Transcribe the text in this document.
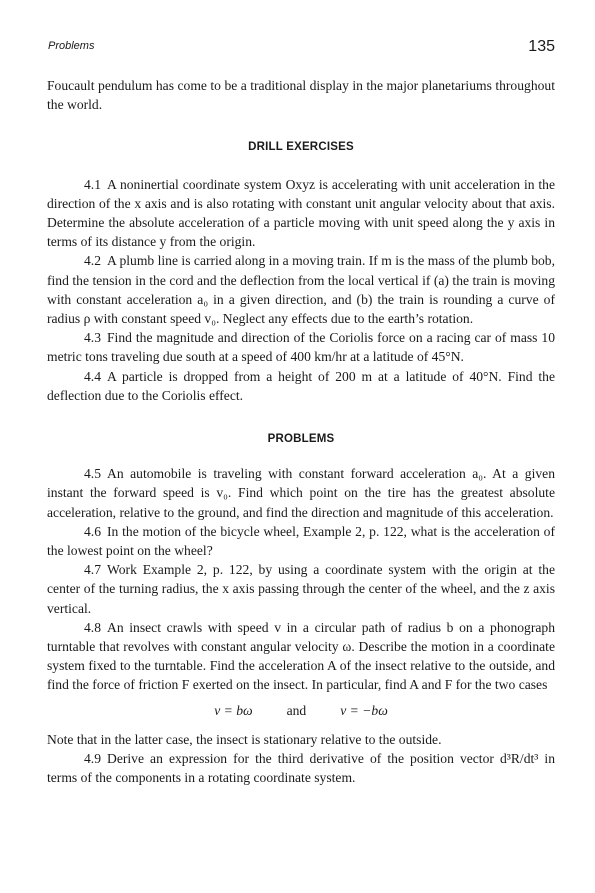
Problems	135

Foucault pendulum has come to be a traditional display in the major planetariums throughout the world.

DRILL EXERCISES

4.1 A noninertial coordinate system Oxyz is accelerating with unit acceleration in the direction of the x axis and is also rotating with constant unit angular velocity about that axis. Determine the absolute acceleration of a particle moving with unit speed along the y axis in terms of its distance y from the origin.

4.2 A plumb line is carried along in a moving train. If m is the mass of the plumb bob, find the tension in the cord and the deflection from the local vertical if (a) the train is moving with constant acceleration a₀ in a given direction, and (b) the train is rounding a curve of radius ρ with constant speed v₀. Neglect any effects due to the earth’s rotation.

4.3 Find the magnitude and direction of the Coriolis force on a racing car of mass 10 metric tons traveling due south at a speed of 400 km/hr at a latitude of 45°N.

4.4 A particle is dropped from a height of 200 m at a latitude of 40°N. Find the deflection due to the Coriolis effect.

PROBLEMS

4.5 An automobile is traveling with constant forward acceleration a₀. At a given instant the forward speed is v₀. Find which point on the tire has the greatest absolute acceleration, relative to the ground, and find the direction and magnitude of this acceleration.

4.6 In the motion of the bicycle wheel, Example 2, p. 122, what is the acceleration of the lowest point on the wheel?

4.7 Work Example 2, p. 122, by using a coordinate system with the origin at the center of the turning radius, the x axis passing through the center of the wheel, and the z axis vertical.

4.8 An insect crawls with speed v in a circular path of radius b on a phonograph turntable that revolves with constant angular velocity ω. Describe the motion in a coordinate system fixed to the turntable. Find the acceleration A of the insect relative to the outside, and find the force of friction F exerted on the insect. In particular, find A and F for the two cases

v = bω	and	v = −bω

Note that in the latter case, the insect is stationary relative to the outside.

4.9 Derive an expression for the third derivative of the position vector d³R/dt³ in terms of the components in a rotating coordinate system.
